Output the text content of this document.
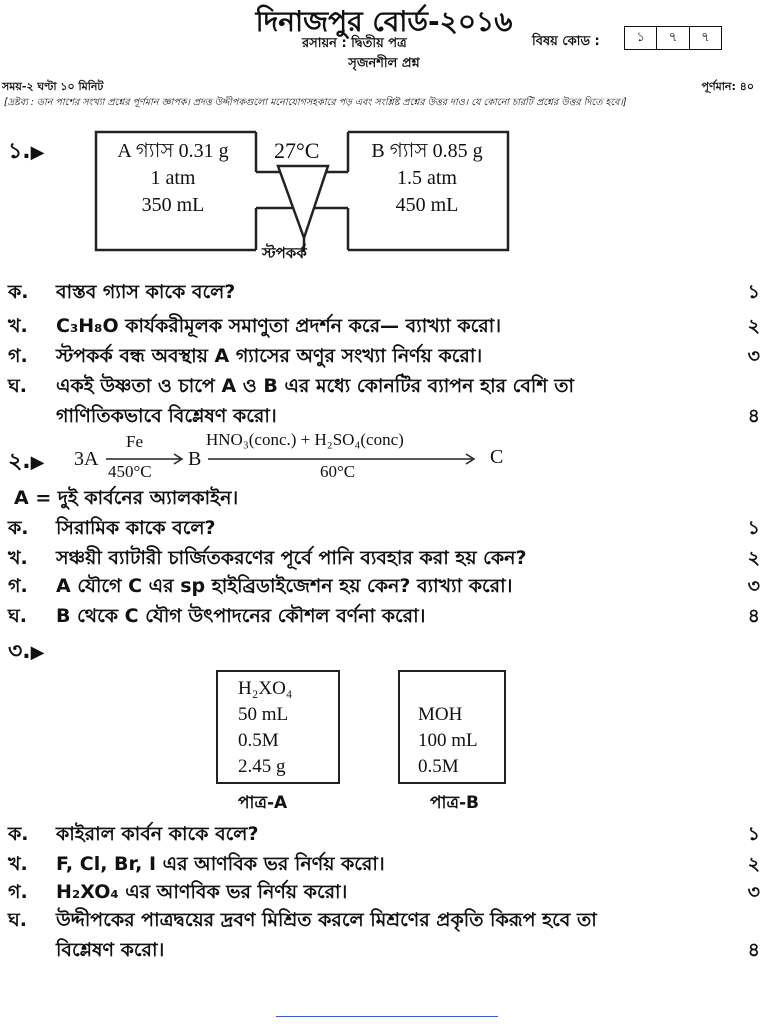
দিনাজপুর বোর্ড-২০১৬
রসায়ন : দ্বিতীয় পত্র	বিষয় কোড :	১	৭	৭
সৃজনশীল প্রশ্ন
সময়-২ ঘণ্টা ১০ মিনিট	পূর্ণমান: ৪০
[দ্রষ্টব্য : ডান পাশের সংখ্যা প্রশ্নের পূর্ণমান জ্ঞাপক। প্রদত্ত উদ্দীপকগুলো মনোযোগসহকারে পড় এবং সংশ্লিষ্ট প্রশ্নের উত্তর দাও। যে কোনো চারটি প্রশ্নের উত্তর দিতে হবে।]
১.▶	A গ্যাস 0.31 g
1 atm
350 mL
B গ্যাস 0.85 g
1.5 atm
450 mL
27°C
স্টপকর্ক
ক.	বাস্তব গ্যাস কাকে বলে?	১
খ.	C₃H₈O কার্যকরীমূলক সমাণুতা প্রদর্শন করে— ব্যাখ্যা করো।	২
গ.	স্টপকর্ক বন্ধ অবস্থায় A গ্যাসের অণুর সংখ্যা নির্ণয় করো।	৩
ঘ.	একই উষ্ণতা ও চাপে A ও B এর মধ্যে কোনটির ব্যাপন হার বেশি তা
গাণিতিকভাবে বিশ্লেষণ করো।	৪
২.▶ 3A
Fe
450°C
B
HNO₃(conc.) + H₂SO₄(conc)
60°C
C
A = দুই কার্বনের অ্যালকাইন।
ক.	সিরামিক কাকে বলে?	১
খ.	সঞ্চয়ী ব্যাটারী চার্জিতকরণের পূর্বে পানি ব্যবহার করা হয় কেন?	২
গ.	A যৌগে C এর sp হাইব্রিডাইজেশন হয় কেন? ব্যাখ্যা করো।	৩
ঘ.	B থেকে C যৌগ উৎপাদনের কৌশল বর্ণনা করো।	৪
৩.▶
H₂XO₄
50 mL
0.5M
2.45 g
MOH
100 mL
0.5M
পাত্র-A	পাত্র-B
ক.	কাইরাল কার্বন কাকে বলে?	১
খ.	F, Cl, Br, I এর আণবিক ভর নির্ণয় করো।	২
গ.	H₂XO₄ এর আণবিক ভর নির্ণয় করো।	৩
ঘ.	উদ্দীপকের পাত্রদ্বয়ের দ্রবণ মিশ্রিত করলে মিশ্রণের প্রকৃতি কিরূপ হবে তা
বিশ্লেষণ করো।	৪
